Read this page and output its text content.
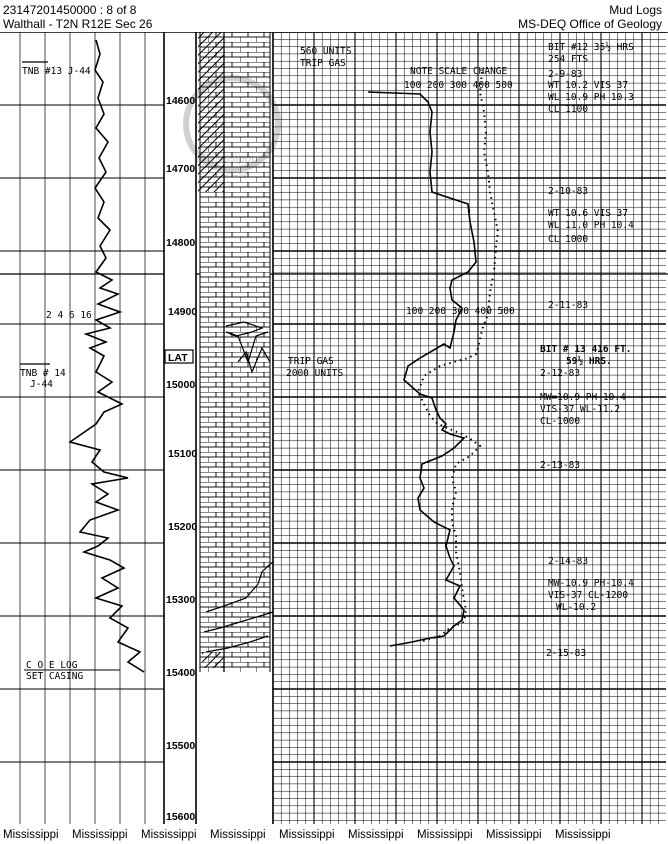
23147201450000 : 8 of 8
Walthall - T2N R12E Sec 26
Mud Logs
MS-DEQ Office of Geology
14600
14700
14800
14900
15000
15100
15200
15300
15400
15500
15600
LAT
TNB #13 J-44
TNB # 14
J-44
2 4 6 16
C O E LOG
SET CASING
560 UNITS
TRIP GAS
TRIP GAS
2000 UNITS
NOTE SCALE CHANGE
100 200 300 400 500
100 200 300 400 500
BIT #12 35½ HRS
254 FTS
2-9-83
WT 10.2 VIS 37
WL 10.9 PH 10.3
CL 1100
2-10-83
WT 10.6 VIS 37
WL 11.0 PH 10.4
CL 1000
2-11-83
BIT # 13 416 FT.
59½ HRS.
2-12-83
MW=10.9 PH-10.4
VIS-37 WL-11.2
CL-1000
2-13-83
2-14-83
MW-10.9 PH-10.4
VIS-37 CL-1200
WL-10.2
2-15-83
Mississippi
DEQ
Mississippi Mississippi Mississippi Mississippi Mississippi Mississippi Mississippi Mississippi Mississippi
